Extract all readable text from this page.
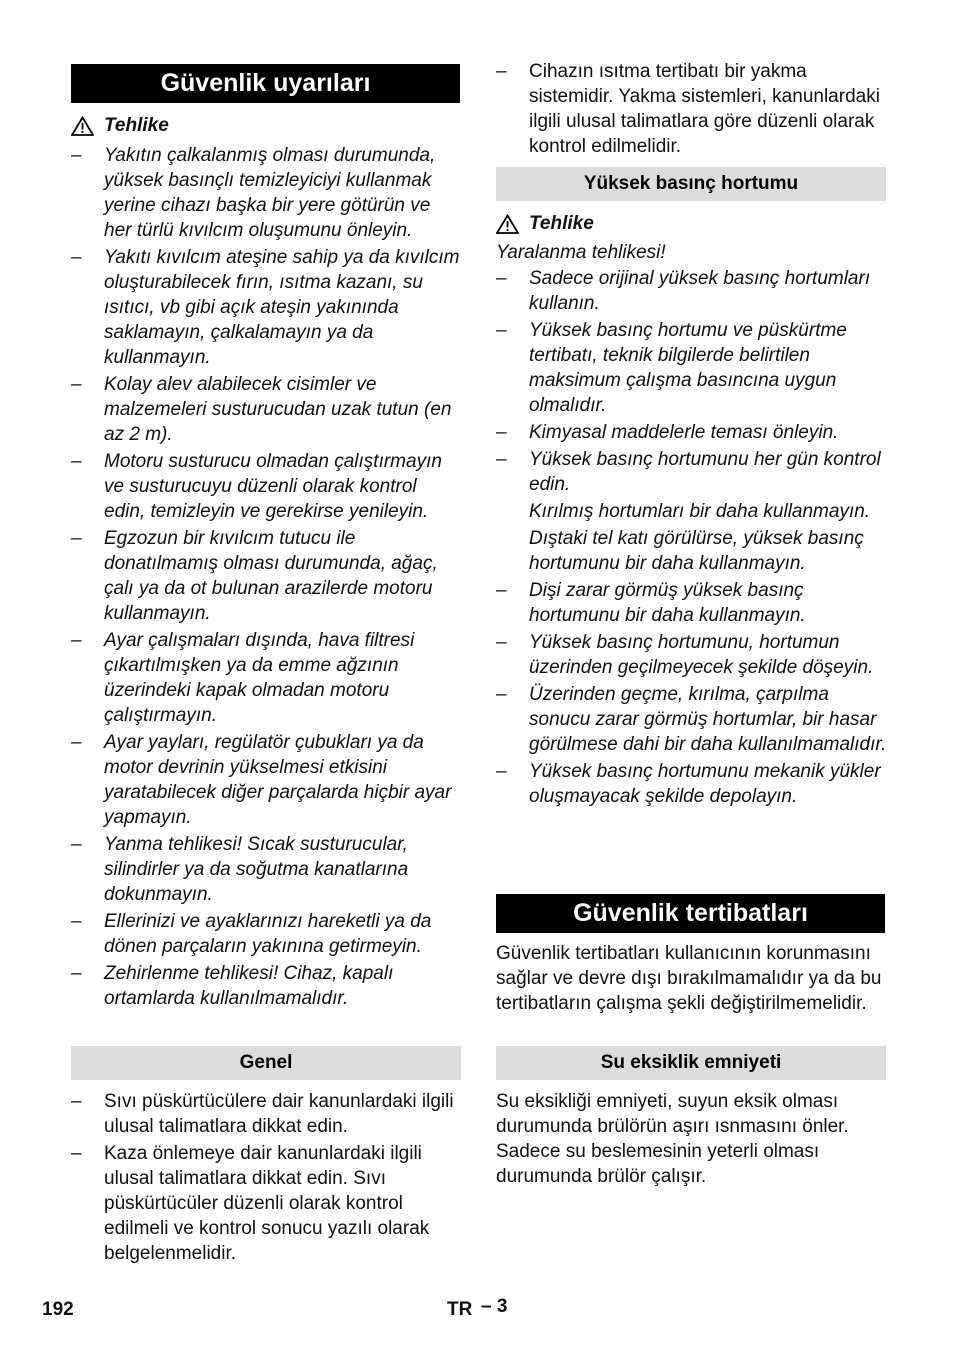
Güvenlik uyarıları
Tehlike
– Yakıtın çalkalanmış olması durumunda, yüksek basınçlı temizleyiciyi kullanmak yerine cihazı başka bir yere götürün ve her türlü kıvılcım oluşumunu önleyin.
– Yakıtı kıvılcım ateşine sahip ya da kıvılcım oluşturabilecek fırın, ısıtma kazanı, su ısıtıcı, vb gibi açık ateşin yakınında saklamayın, çalkalamayın ya da kullanmayın.
– Kolay alev alabilecek cisimler ve malzemeleri susturucudan uzak tutun (en az 2 m).
– Motoru susturucu olmadan çalıştırmayın ve susturucuyu düzenli olarak kontrol edin, temizleyin ve gerekirse yenileyin.
– Egzozun bir kıvılcım tutucu ile donatılmamış olması durumunda, ağaç, çalı ya da ot bulunan arazilerde motoru kullanmayın.
– Ayar çalışmaları dışında, hava filtresi çıkartılmışken ya da emme ağzının üzerindeki kapak olmadan motoru çalıştırmayın.
– Ayar yayları, regülatör çubukları ya da motor devrinin yükselmesi etkisini yaratabilecek diğer parçalarda hiçbir ayar yapmayın.
– Yanma tehlikesi! Sıcak susturucular, silindirler ya da soğutma kanatlarına dokunmayın.
– Ellerinizi ve ayaklarınızı hareketli ya da dönen parçaların yakınına getirmeyin.
– Zehirlenme tehlikesi! Cihaz, kapalı ortamlarda kullanılmamalıdır.
Genel
– Sıvı püskürtücülere dair kanunlardaki ilgili ulusal talimatlara dikkat edin.
– Kaza önlemeye dair kanunlardaki ilgili ulusal talimatlara dikkat edin. Sıvı püskürtücüler düzenli olarak kontrol edilmeli ve kontrol sonucu yazılı olarak belgelenmelidir.
– Cihazın ısıtma tertibatı bir yakma sistemidir. Yakma sistemleri, kanunlardaki ilgili ulusal talimatlara göre düzenli olarak kontrol edilmelidir.
Yüksek basınç hortumu
Tehlike
Yaralanma tehlikesi!
– Sadece orijinal yüksek basınç hortumları kullanın.
– Yüksek basınç hortumu ve püskürtme tertibatı, teknik bilgilerde belirtilen maksimum çalışma basıncına uygun olmalıdır.
– Kimyasal maddelerle teması önleyin.
– Yüksek basınç hortumunu her gün kontrol edin.
Kırılmış hortumları bir daha kullanmayın.
Dıştaki tel katı görülürse, yüksek basınç hortumunu bir daha kullanmayın.
– Dişi zarar görmüş yüksek basınç hortumunu bir daha kullanmayın.
– Yüksek basınç hortumunu, hortumun üzerinden geçilmeyecek şekilde döşeyin.
– Üzerinden geçme, kırılma, çarpılma sonucu zarar görmüş hortumlar, bir hasar görülmese dahi bir daha kullanılmamalıdır.
– Yüksek basınç hortumunu mekanik yükler oluşmayacak şekilde depolayın.
Güvenlik tertibatları
Güvenlik tertibatları kullanıcının korunmasını sağlar ve devre dışı bırakılmamalıdır ya da bu tertibatların çalışma şekli değiştirilmemelidir.
Su eksiklik emniyeti
Su eksikliği emniyeti, suyun eksik olması durumunda brülörün aşırı ısnmasını önler. Sadece su beslemesinin yeterli olması durumunda brülör çalışır.
192	TR – 3
